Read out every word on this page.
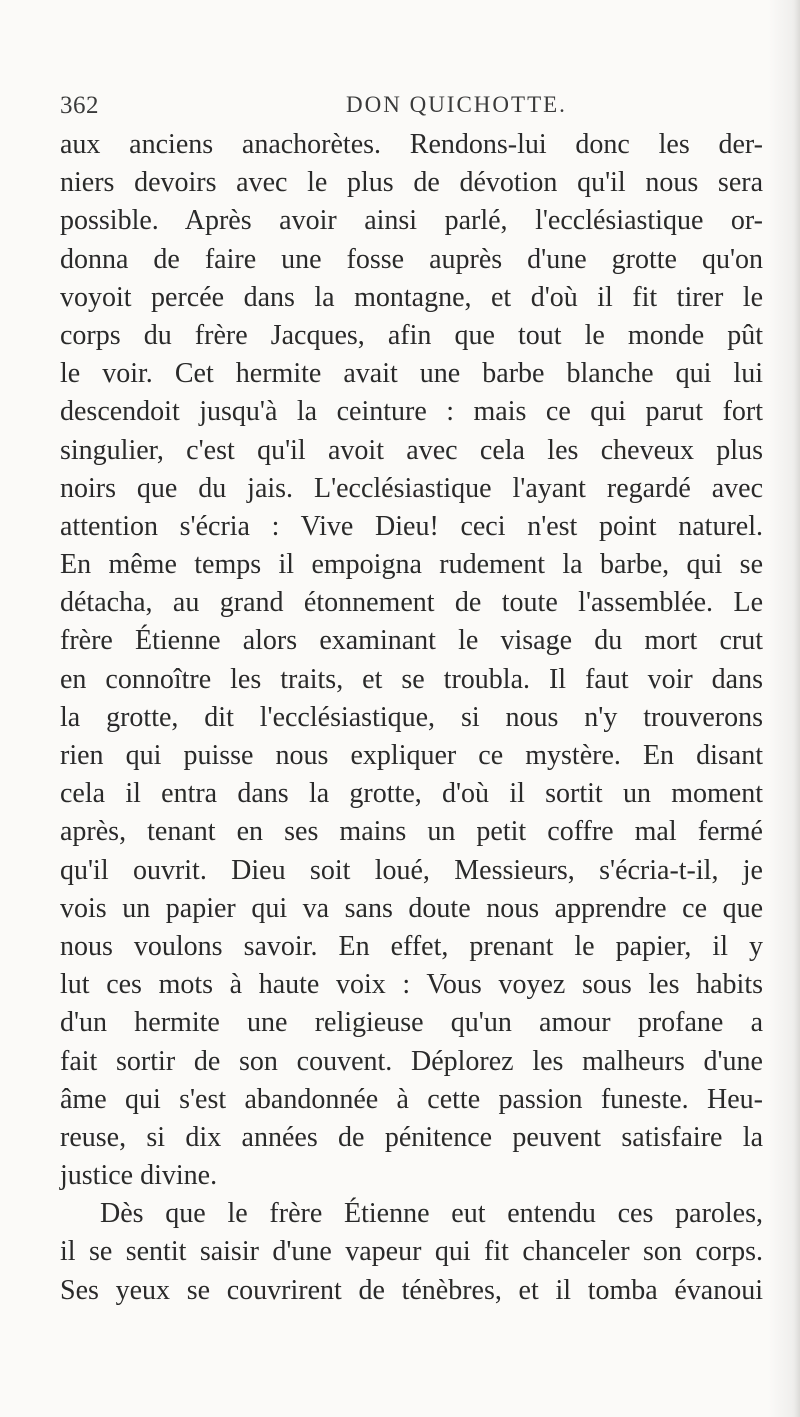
362	DON QUICHOTTE.
aux anciens anachorètes. Rendons-lui donc les der-
niers devoirs avec le plus de dévotion qu'il nous sera
possible. Après avoir ainsi parlé, l'ecclésiastique or-
donna de faire une fosse auprès d'une grotte qu'on
voyoit percée dans la montagne, et d'où il fit tirer le
corps du frère Jacques, afin que tout le monde pût
le voir. Cet hermite avait une barbe blanche qui lui
descendoit jusqu'à la ceinture : mais ce qui parut fort
singulier, c'est qu'il avoit avec cela les cheveux plus
noirs que du jais. L'ecclésiastique l'ayant regardé avec
attention s'écria : Vive Dieu! ceci n'est point naturel.
En même temps il empoigna rudement la barbe, qui se
détacha, au grand étonnement de toute l'assemblée. Le
frère Étienne alors examinant le visage du mort crut
en connoître les traits, et se troubla. Il faut voir dans
la grotte, dit l'ecclésiastique, si nous n'y trouverons
rien qui puisse nous expliquer ce mystère. En disant
cela il entra dans la grotte, d'où il sortit un moment
après, tenant en ses mains un petit coffre mal fermé
qu'il ouvrit. Dieu soit loué, Messieurs, s'écria-t-il, je
vois un papier qui va sans doute nous apprendre ce que
nous voulons savoir. En effet, prenant le papier, il y
lut ces mots à haute voix : Vous voyez sous les habits
d'un hermite une religieuse qu'un amour profane a
fait sortir de son couvent. Déplorez les malheurs d'une
âme qui s'est abandonnée à cette passion funeste. Heu-
reuse, si dix années de pénitence peuvent satisfaire la
justice divine.
Dès que le frère Étienne eut entendu ces paroles,
il se sentit saisir d'une vapeur qui fit chanceler son corps.
Ses yeux se couvrirent de ténèbres, et il tomba évanoui
